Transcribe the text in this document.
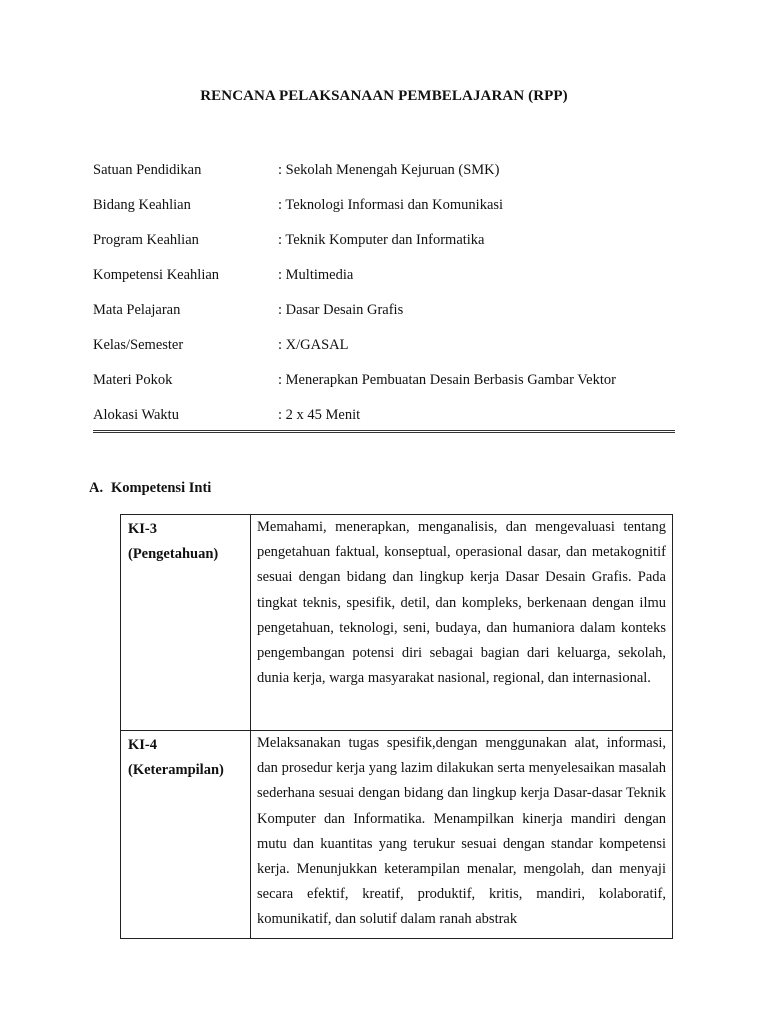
RENCANA PELAKSANAAN PEMBELAJARAN (RPP)
Satuan Pendidikan	: Sekolah Menengah Kejuruan (SMK)
Bidang Keahlian	: Teknologi Informasi dan Komunikasi
Program Keahlian	: Teknik Komputer dan Informatika
Kompetensi Keahlian	: Multimedia
Mata Pelajaran	: Dasar Desain Grafis
Kelas/Semester	: X/GASAL
Materi Pokok	: Menerapkan Pembuatan Desain Berbasis Gambar Vektor
Alokasi Waktu	: 2 x 45 Menit
A. Kompetensi Inti
KI-3
(Pengetahuan)	Memahami, menerapkan, menganalisis, dan mengevaluasi tentang pengetahuan faktual, konseptual, operasional dasar, dan metakognitif sesuai dengan bidang dan lingkup kerja Dasar Desain Grafis. Pada tingkat teknis, spesifik, detil, dan kompleks, berkenaan dengan ilmu pengetahuan, teknologi, seni, budaya, dan humaniora dalam konteks pengembangan potensi diri sebagai bagian dari keluarga, sekolah, dunia kerja, warga masyarakat nasional, regional, dan internasional.

KI-4
(Keterampilan)	Melaksanakan tugas spesifik,dengan menggunakan alat, informasi, dan prosedur kerja yang lazim dilakukan serta menyelesaikan masalah sederhana sesuai dengan bidang dan lingkup kerja Dasar-dasar Teknik Komputer dan Informatika. Menampilkan kinerja mandiri dengan mutu dan kuantitas yang terukur sesuai dengan standar kompetensi kerja. Menunjukkan keterampilan menalar, mengolah, dan menyaji secara efektif, kreatif, produktif, kritis, mandiri, kolaboratif, komunikatif, dan solutif dalam ranah abstrak
